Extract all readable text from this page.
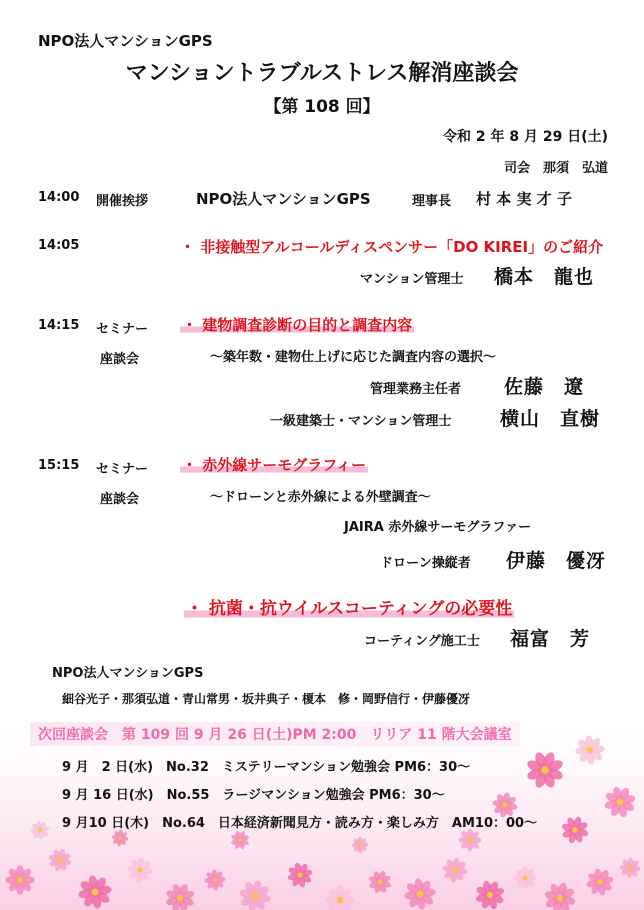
NPO法人マンションGPS
マンショントラブルストレス解消座談会
【第 108 回】
令和 2 年 8 月 29 日(土)
司会　那須　弘道
14:00 開催挨拶	NPO法人マンションGPS	理事長 村 本 実 才 子
14:05	・ 非接触型アルコールディスペンサー「DO KIREI」のご紹介
マンション管理士 橋本　龍也
14:15 セミナー
座談会
・ 建物調査診断の目的と調査内容
～築年数・建物仕上げに応じた調査内容の選択～
管理業務主任者 佐藤　遼
一級建築士・マンション管理士	横山　直樹
15:15 セミナー
座談会
・ 赤外線サーモグラフィー
～ドローンと赤外線による外壁調査～
JAIRA 赤外線サーモグラファー
ドローン操縦者 伊藤　優冴
・ 抗菌・抗ウイルスコーティングの必要性
コーティング施工士 福富　芳
NPO法人マンションGPS
細谷光子・那須弘道・青山常男・坂井典子・榎本　修・岡野信行・伊藤優冴
次回座談会　第 109 回 9 月 26 日(土)PM 2:00　リリア 11 階大会議室
9 月　2 日(水)　No.32　ミステリーマンション勉強会 PM6：30～
9 月 16 日(水)　No.55　ラージマンション勉強会 PM6：30～
9 月10 日(木)　No.64　日本経済新聞見方・読み方・楽しみ方　AM10：00～
